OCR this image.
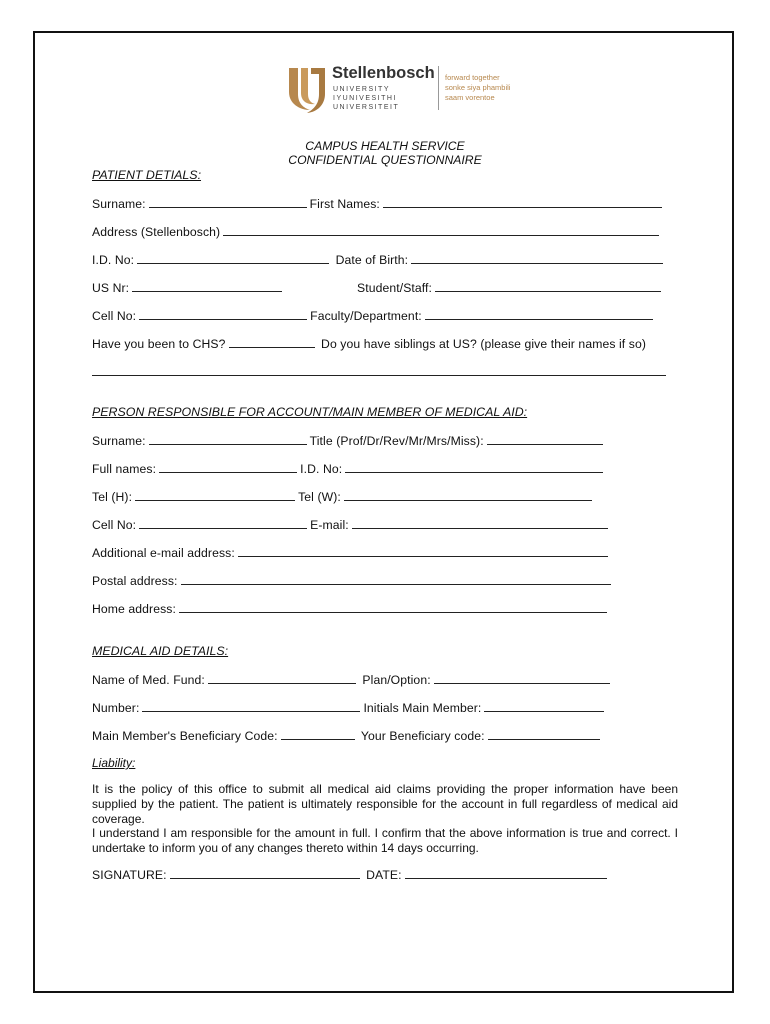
Stellenbosch
UNIVERSITY
IYUNIVESITHI
UNIVERSITEIT
forward together
sonke siya phambili
saam vorentoe
CAMPUS HEALTH SERVICE
CONFIDENTIAL QUESTIONNAIRE
PATIENT DETIALS:
Surname:	First Names:
Address (Stellenbosch)
I.D. No:	Date of Birth:
US Nr:	Student/Staff:
Cell No:	Faculty/Department:
Have you been to CHS?	Do you have siblings at US? (please give their names if so)
PERSON RESPONSIBLE FOR ACCOUNT/MAIN MEMBER OF MEDICAL AID:
Surname:	Title (Prof/Dr/Rev/Mr/Mrs/Miss):
Full names:	I.D. No:
Tel (H):	Tel (W):
Cell No:	E-mail:
Additional e-mail address:
Postal address:
Home address:
MEDICAL AID DETAILS:
Name of Med. Fund:	Plan/Option:
Number:	Initials Main Member:
Main Member's Beneficiary Code:	Your Beneficiary code:
Liability:
It is the policy of this office to submit all medical aid claims providing the proper information have been supplied by the patient. The patient is ultimately responsible for the account in full regardless of medical aid coverage.
I understand I am responsible for the amount in full. I confirm that the above information is true and correct. I undertake to inform you of any changes thereto within 14 days occurring.
SIGNATURE:	DATE:
